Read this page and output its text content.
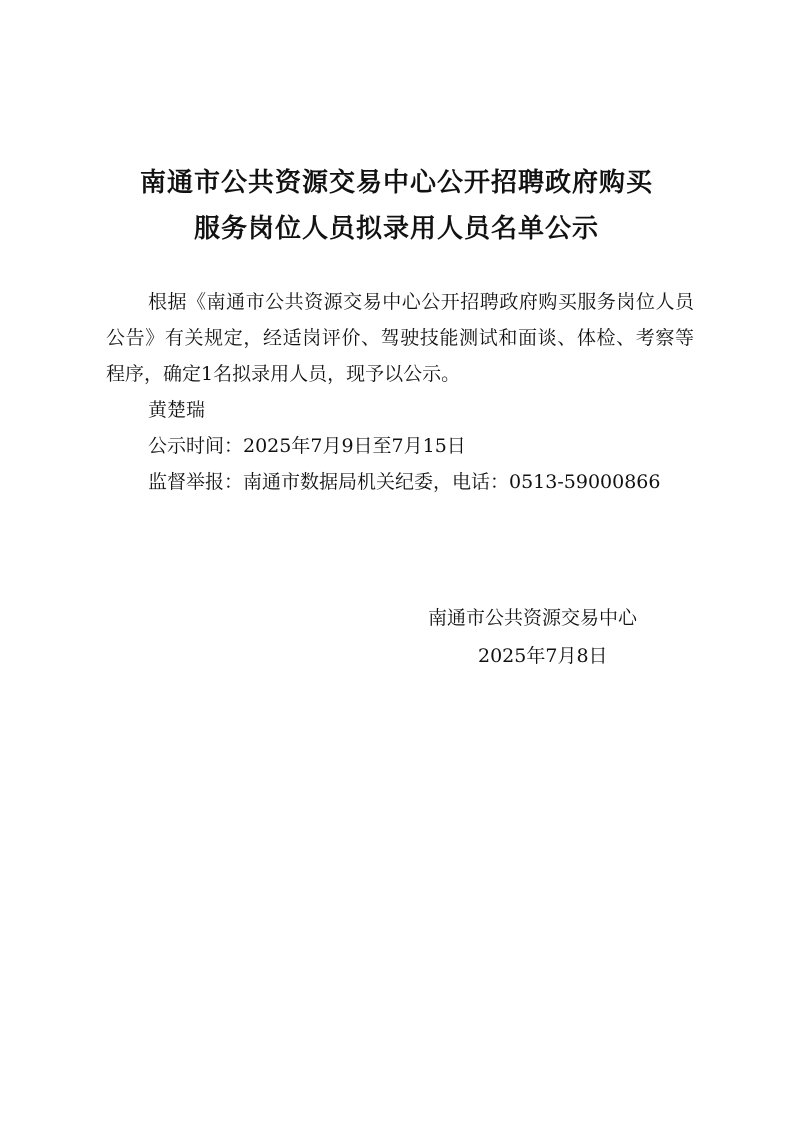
南通市公共资源交易中心公开招聘政府购买
服务岗位人员拟录用人员名单公示

根据《南通市公共资源交易中心公开招聘政府购买服务岗位人员公告》有关规定，经适岗评价、驾驶技能测试和面谈、体检、考察等程序，确定1名拟录用人员，现予以公示。

黄楚瑞

公示时间：2025年7月9日至7月15日

监督举报：南通市数据局机关纪委，电话：0513-59000866

南通市公共资源交易中心
2025年7月8日
